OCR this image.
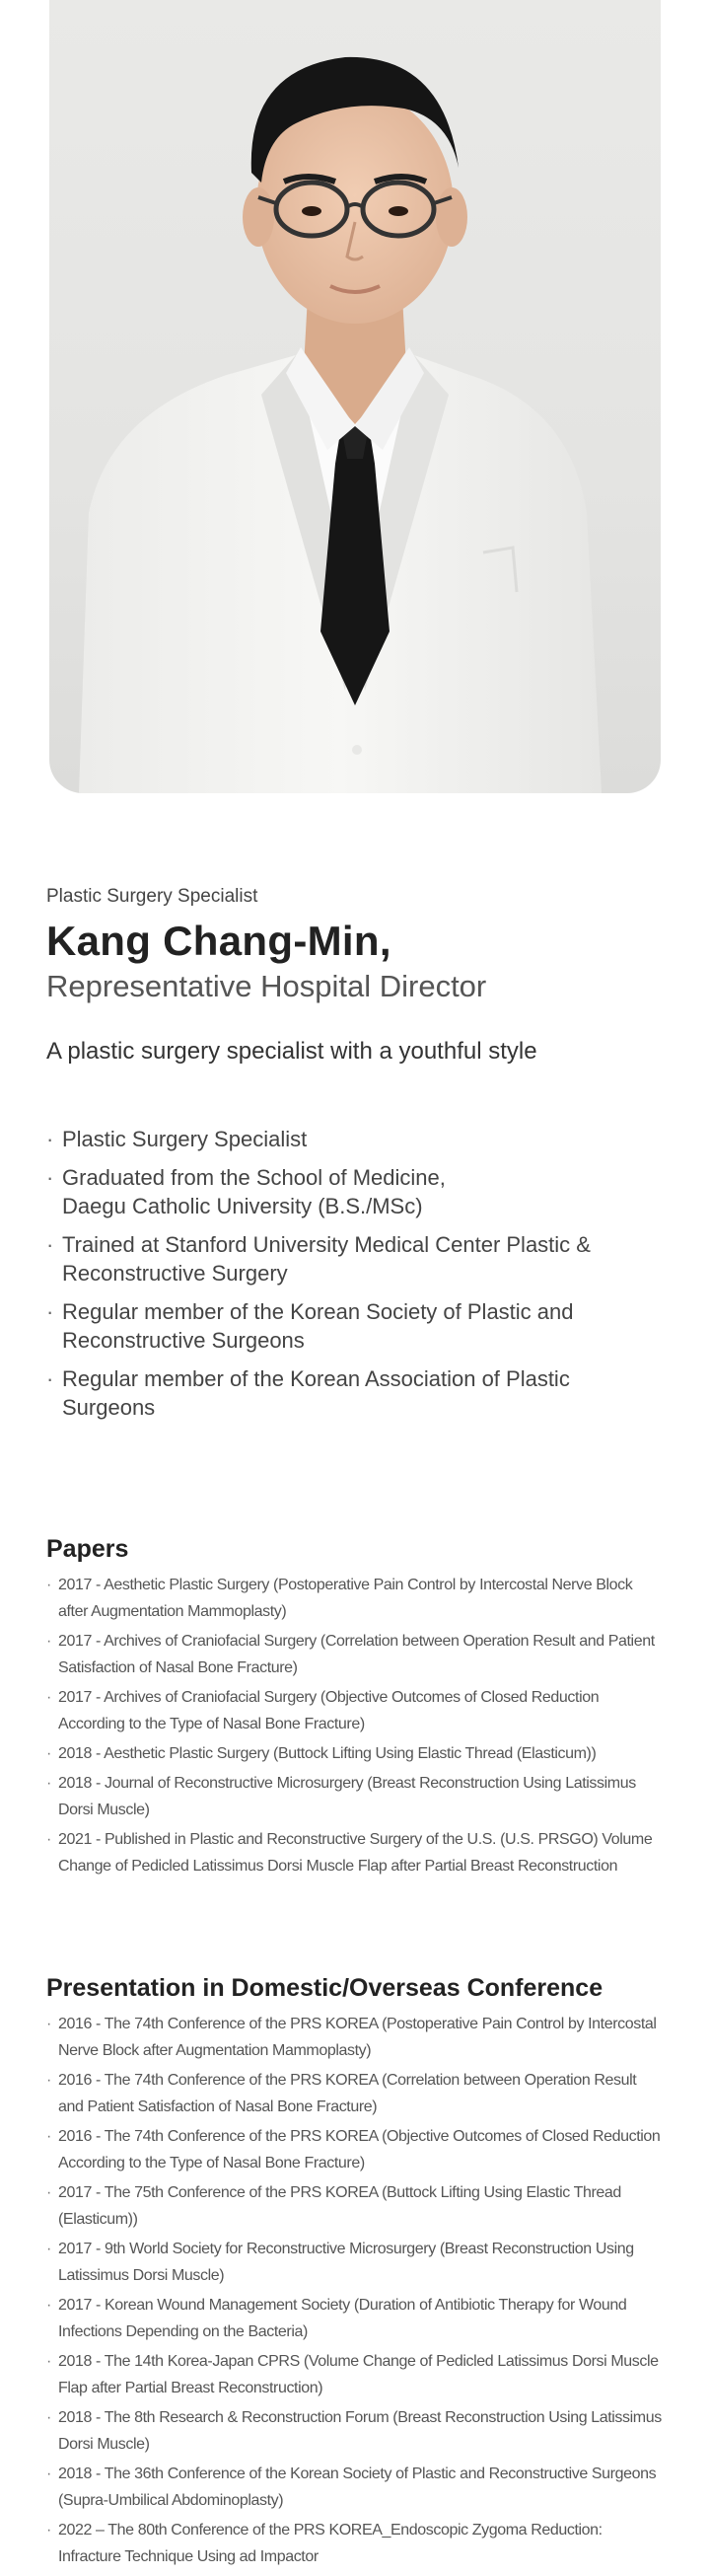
Plastic Surgery Specialist

Kang Chang-Min,

Representative Hospital Director

A plastic surgery specialist with a youthful style

· Plastic Surgery Specialist
· Graduated from the School of Medicine, Daegu Catholic University (B.S./MSc)
· Trained at Stanford University Medical Center Plastic & Reconstructive Surgery
· Regular member of the Korean Society of Plastic and Reconstructive Surgeons
· Regular member of the Korean Association of Plastic Surgeons
Papers
· 2017 - Aesthetic Plastic Surgery (Postoperative Pain Control by Intercostal Nerve Block after Augmentation Mammoplasty)
· 2017 - Archives of Craniofacial Surgery (Correlation between Operation Result and Patient Satisfaction of Nasal Bone Fracture)
· 2017 - Archives of Craniofacial Surgery (Objective Outcomes of Closed Reduction According to the Type of Nasal Bone Fracture)
· 2018 - Aesthetic Plastic Surgery (Buttock Lifting Using Elastic Thread (Elasticum))
· 2018 - Journal of Reconstructive Microsurgery (Breast Reconstruction Using Latissimus Dorsi Muscle)
· 2021 - Published in Plastic and Reconstructive Surgery of the U.S. (U.S. PRSGO) Volume Change of Pedicled Latissimus Dorsi Muscle Flap after Partial Breast Reconstruction
Presentation in Domestic/Overseas Conference
· 2016 - The 74th Conference of the PRS KOREA (Postoperative Pain Control by Intercostal Nerve Block after Augmentation Mammoplasty)
· 2016 - The 74th Conference of the PRS KOREA (Correlation between Operation Result and Patient Satisfaction of Nasal Bone Fracture)
· 2016 - The 74th Conference of the PRS KOREA (Objective Outcomes of Closed Reduction According to the Type of Nasal Bone Fracture)
· 2017 - The 75th Conference of the PRS KOREA (Buttock Lifting Using Elastic Thread (Elasticum))
· 2017 - 9th World Society for Reconstructive Microsurgery (Breast Reconstruction Using Latissimus Dorsi Muscle)
· 2017 - Korean Wound Management Society (Duration of Antibiotic Therapy for Wound Infections Depending on the Bacteria)
· 2018 - The 14th Korea-Japan CPRS (Volume Change of Pedicled Latissimus Dorsi Muscle Flap after Partial Breast Reconstruction)
· 2018 - The 8th Research & Reconstruction Forum (Breast Reconstruction Using Latissimus Dorsi Muscle)
· 2018 - The 36th Conference of the Korean Society of Plastic and Reconstructive Surgeons (Supra-Umbilical Abdominoplasty)
· 2022 – The 80th Conference of the PRS KOREA_Endoscopic Zygoma Reduction: Infracture Technique Using ad Impactor
